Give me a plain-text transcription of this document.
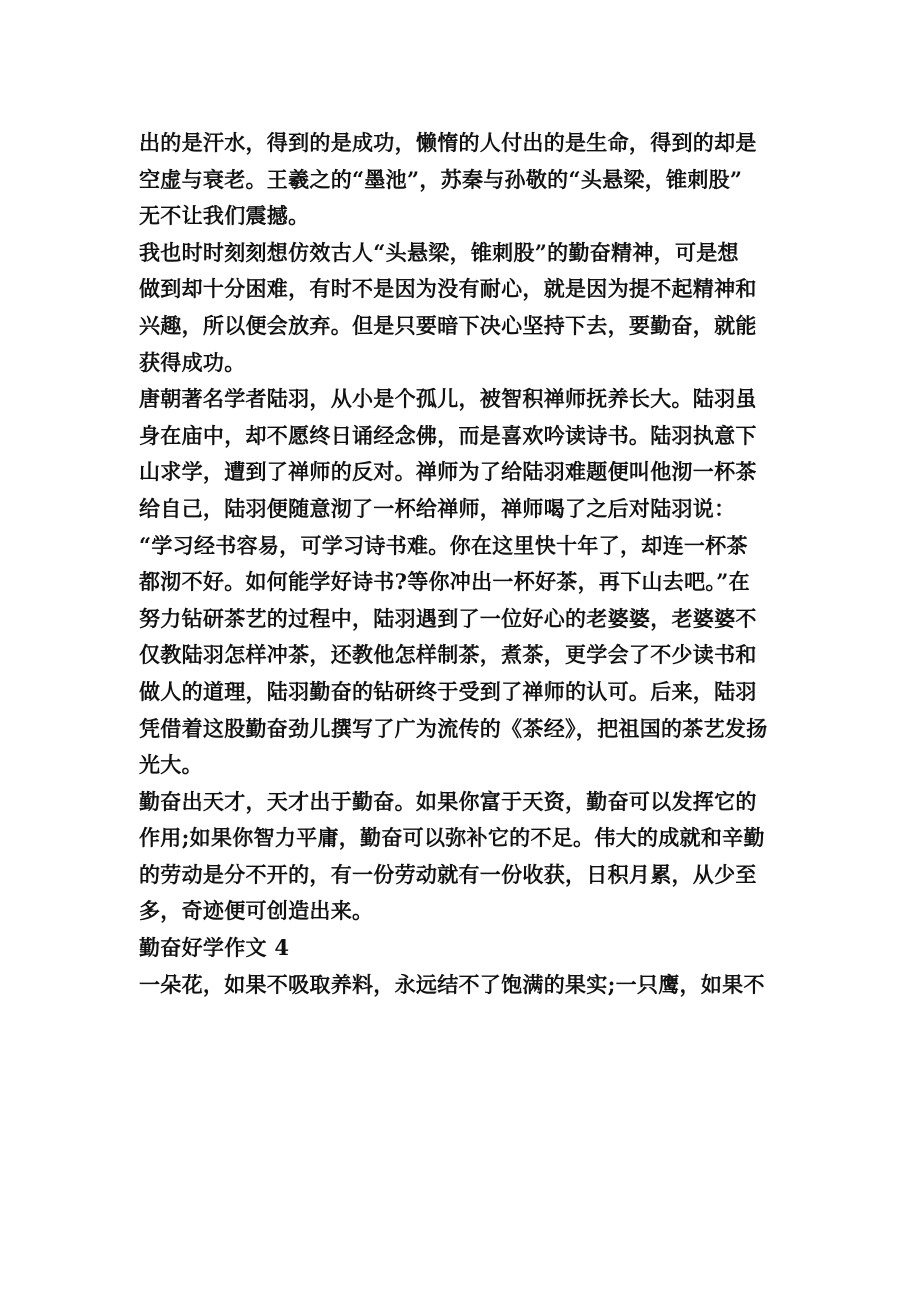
出的是汗水，得到的是成功，懒惰的人付出的是生命，得到的却是
空虚与衰老。王羲之的“墨池”，苏秦与孙敬的“头悬梁，锥刺股”
无不让我们震撼。
我也时时刻刻想仿效古人“头悬梁，锥刺股”的勤奋精神，可是想
做到却十分困难，有时不是因为没有耐心，就是因为提不起精神和
兴趣，所以便会放弃。但是只要暗下决心坚持下去，要勤奋，就能
获得成功。
唐朝著名学者陆羽，从小是个孤儿，被智积禅师抚养长大。陆羽虽
身在庙中，却不愿终日诵经念佛，而是喜欢吟读诗书。陆羽执意下
山求学，遭到了禅师的反对。禅师为了给陆羽难题便叫他沏一杯茶
给自己，陆羽便随意沏了一杯给禅师，禅师喝了之后对陆羽说：
“学习经书容易，可学习诗书难。你在这里快十年了，却连一杯茶
都沏不好。如何能学好诗书?等你冲出一杯好茶，再下山去吧。”在
努力钻研茶艺的过程中，陆羽遇到了一位好心的老婆婆，老婆婆不
仅教陆羽怎样冲茶，还教他怎样制茶，煮茶，更学会了不少读书和
做人的道理，陆羽勤奋的钻研终于受到了禅师的认可。后来，陆羽
凭借着这股勤奋劲儿撰写了广为流传的《茶经》，把祖国的茶艺发扬
光大。
勤奋出天才，天才出于勤奋。如果你富于天资，勤奋可以发挥它的
作用;如果你智力平庸，勤奋可以弥补它的不足。伟大的成就和辛勤
的劳动是分不开的，有一份劳动就有一份收获，日积月累，从少至
多，奇迹便可创造出来。
勤奋好学作文 4
一朵花，如果不吸取养料，永远结不了饱满的果实;一只鹰，如果不
